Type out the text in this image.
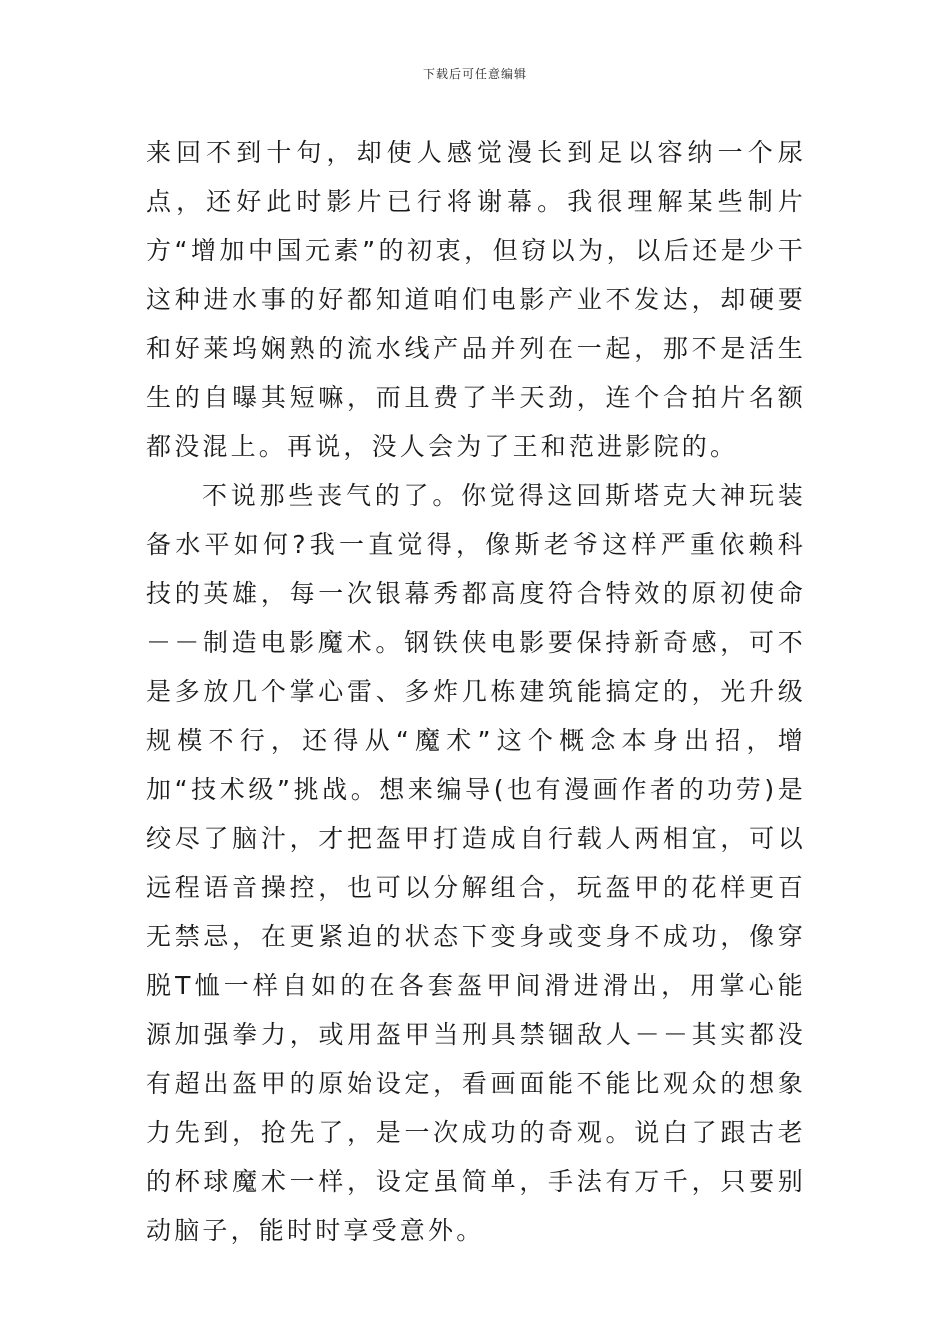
下载后可任意编辑

来回不到十句，却使人感觉漫长到足以容纳一个尿点，还好此时影片已行将谢幕。我很理解某些制片方“增加中国元素”的初衷，但窃以为，以后还是少干这种进水事的好都知道咱们电影产业不发达，却硬要和好莱坞娴熟的流水线产品并列在一起，那不是活生生的自曝其短嘛，而且费了半天劲，连个合拍片名额都没混上。再说，没人会为了王和范进影院的。

不说那些丧气的了。你觉得这回斯塔克大神玩装备水平如何?我一直觉得，像斯老爷这样严重依赖科技的英雄，每一次银幕秀都高度符合特效的原初使命－－制造电影魔术。钢铁侠电影要保持新奇感，可不是多放几个掌心雷、多炸几栋建筑能搞定的，光升级规模不行，还得从“魔术”这个概念本身出招，增加“技术级”挑战。想来编导(也有漫画作者的功劳)是绞尽了脑汁，才把盔甲打造成自行载人两相宜，可以远程语音操控，也可以分解组合，玩盔甲的花样更百无禁忌，在更紧迫的状态下变身或变身不成功，像穿脱T恤一样自如的在各套盔甲间滑进滑出，用掌心能源加强拳力，或用盔甲当刑具禁锢敌人－－其实都没有超出盔甲的原始设定，看画面能不能比观众的想象力先到，抢先了，是一次成功的奇观。说白了跟古老的杯球魔术一样，设定虽简单，手法有万千，只要别动脑子，能时时享受意外。
